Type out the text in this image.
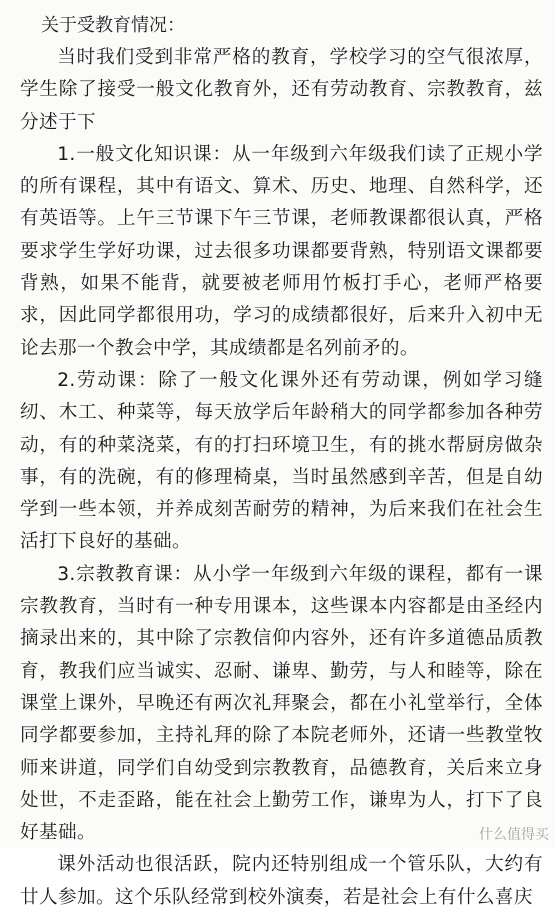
关于受教育情况：

当时我们受到非常严格的教育，学校学习的空气很浓厚，学生除了接受一般文化教育外，还有劳动教育、宗教教育，兹分述于下

1.一般文化知识课：从一年级到六年级我们读了正规小学的所有课程，其中有语文、算术、历史、地理、自然科学，还有英语等。上午三节课下午三节课，老师教课都很认真，严格要求学生学好功课，过去很多功课都要背熟，特别语文课都要背熟，如果不能背，就要被老师用竹板打手心，老师严格要求，因此同学都很用功，学习的成绩都很好，后来升入初中无论去那一个教会中学，其成绩都是名列前矛的。

2.劳动课：除了一般文化课外还有劳动课，例如学习缝纫、木工、种菜等，每天放学后年龄稍大的同学都参加各种劳动，有的种菜浇菜，有的打扫环境卫生，有的挑水帮厨房做杂事，有的洗碗，有的修理椅桌，当时虽然感到辛苦，但是自幼学到一些本领，并养成刻苦耐劳的精神，为后来我们在社会生活打下良好的基础。

3.宗教教育课：从小学一年级到六年级的课程，都有一课宗教教育，当时有一种专用课本，这些课本内容都是由圣经内摘录出来的，其中除了宗教信仰内容外，还有许多道德品质教育，教我们应当诚实、忍耐、谦卑、勤劳，与人和睦等，除在课堂上课外，早晚还有两次礼拜聚会，都在小礼堂举行，全体同学都要参加，主持礼拜的除了本院老师外，还请一些教堂牧师来讲道，同学们自幼受到宗教教育，品德教育，关后来立身处世，不走歪路，能在社会上勤劳工作，谦卑为人，打下了良好基础。

课外活动也很活跃，院内还特别组成一个管乐队，大约有廿人参加。这个乐队经常到校外演奏，若是社会上有什么喜庆

什么值得买
